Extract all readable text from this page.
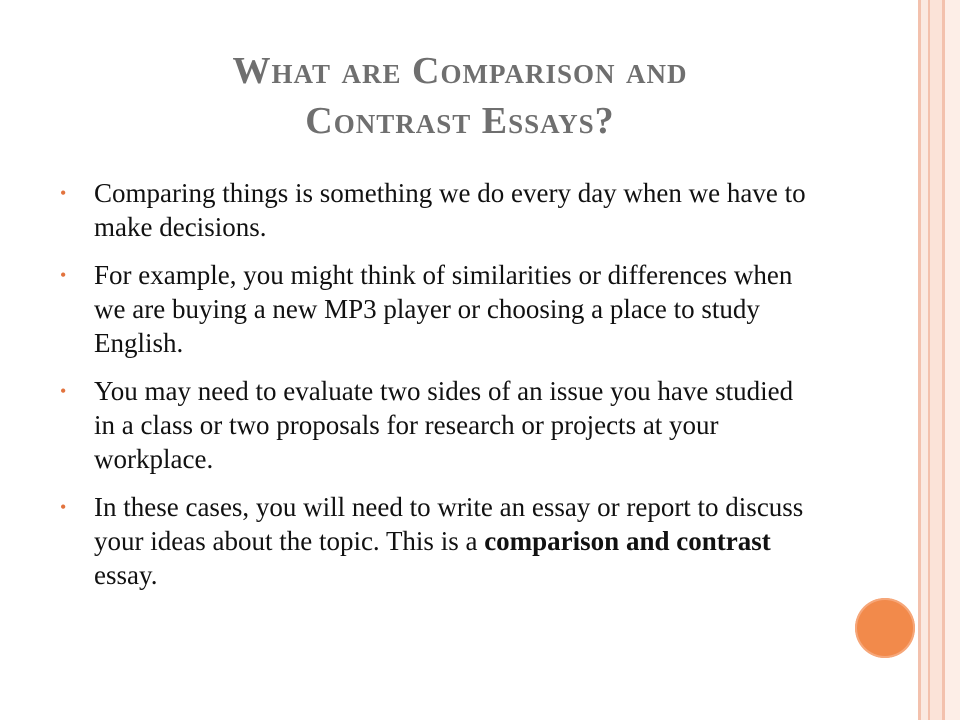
What are Comparison and
Contrast Essays?
• Comparing things is something we do every day when we have to make decisions.
• For example, you might think of similarities or differences when we are buying a new MP3 player or choosing a place to study English.
• You may need to evaluate two sides of an issue you have studied in a class or two proposals for research or projects at your workplace.
• In these cases, you will need to write an essay or report to discuss your ideas about the topic. This is a comparison and contrast essay.
